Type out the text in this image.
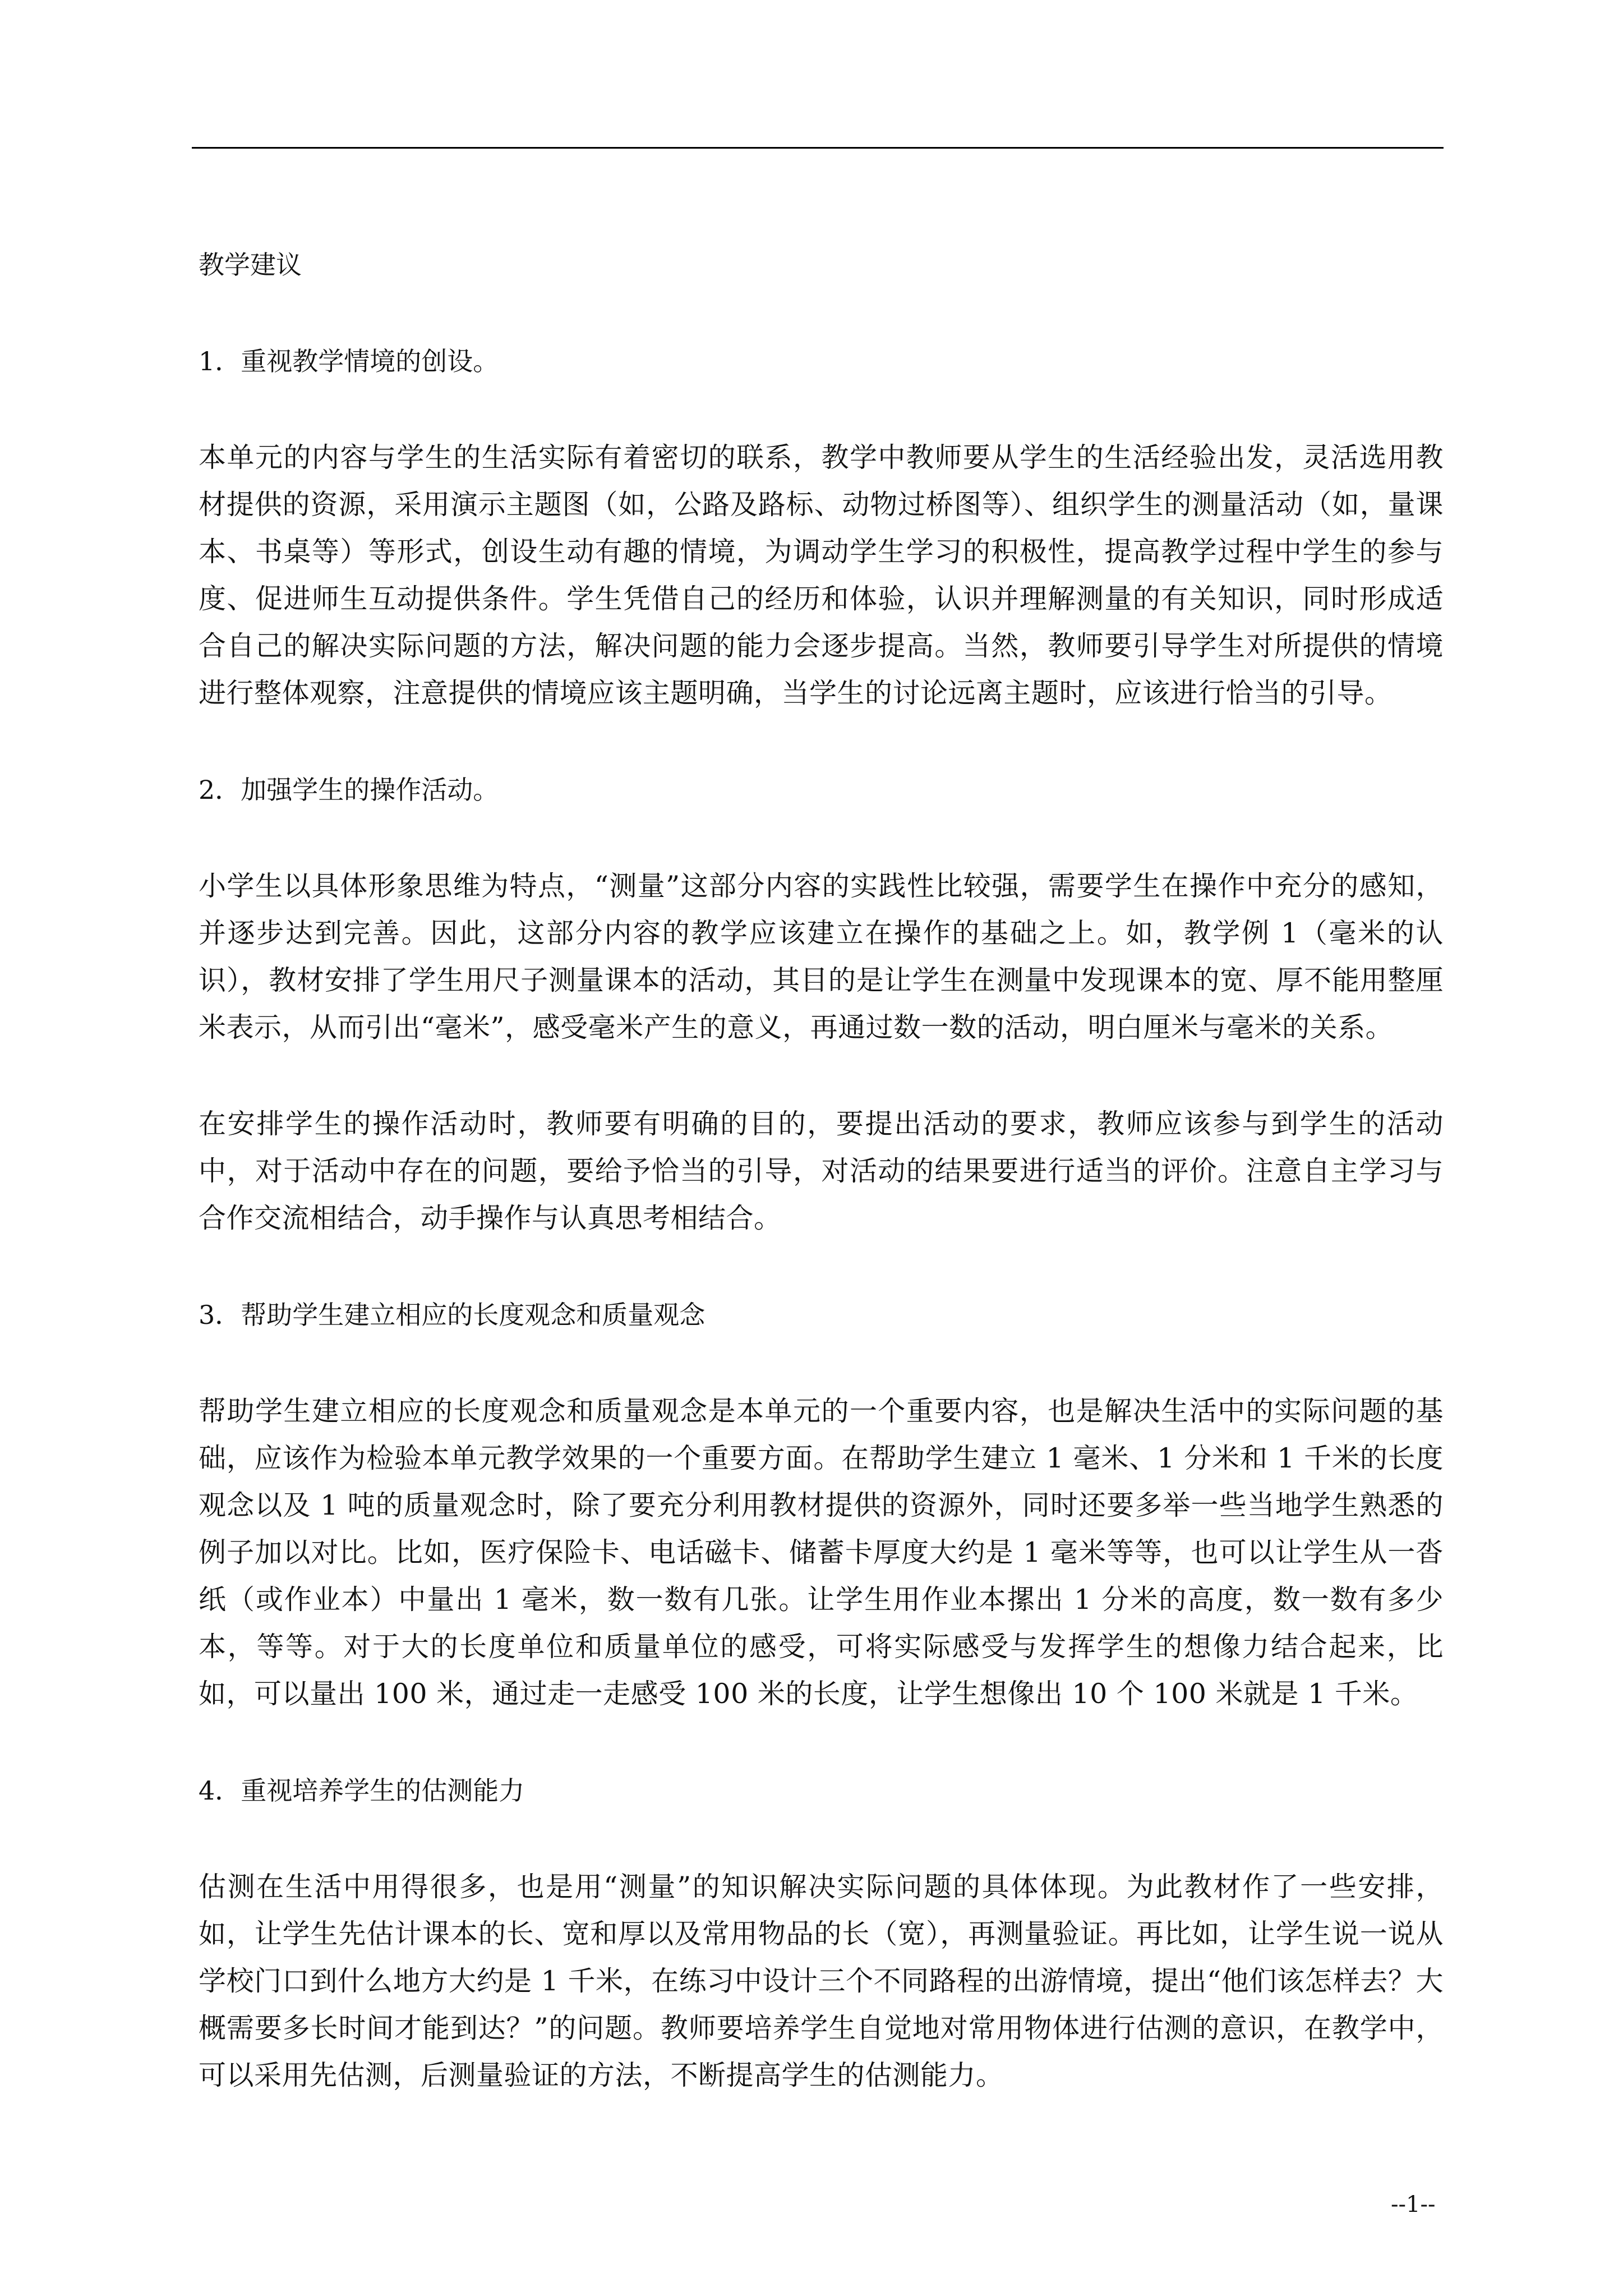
教学建议
1．重视教学情境的创设。

本单元的内容与学生的生活实际有着密切的联系，教学中教师要从学生的生活经验出发，灵活选用教材提供的资源，采用演示主题图（如，公路及路标、动物过桥图等）、组织学生的测量活动（如，量课本、书桌等）等形式，创设生动有趣的情境，为调动学生学习的积极性，提高教学过程中学生的参与度、促进师生互动提供条件。学生凭借自己的经历和体验，认识并理解测量的有关知识，同时形成适合自己的解决实际问题的方法，解决问题的能力会逐步提高。当然，教师要引导学生对所提供的情境进行整体观察，注意提供的情境应该主题明确，当学生的讨论远离主题时，应该进行恰当的引导。

2．加强学生的操作活动。

小学生以具体形象思维为特点，“测量”这部分内容的实践性比较强，需要学生在操作中充分的感知，并逐步达到完善。因此，这部分内容的教学应该建立在操作的基础之上。如，教学例 1（毫米的认识），教材安排了学生用尺子测量课本的活动，其目的是让学生在测量中发现课本的宽、厚不能用整厘米表示，从而引出“毫米”，感受毫米产生的意义，再通过数一数的活动，明白厘米与毫米的关系。

在安排学生的操作活动时，教师要有明确的目的，要提出活动的要求，教师应该参与到学生的活动中，对于活动中存在的问题，要给予恰当的引导，对活动的结果要进行适当的评价。注意自主学习与合作交流相结合，动手操作与认真思考相结合。

3．帮助学生建立相应的长度观念和质量观念

帮助学生建立相应的长度观念和质量观念是本单元的一个重要内容，也是解决生活中的实际问题的基础，应该作为检验本单元教学效果的一个重要方面。在帮助学生建立 1 毫米、1 分米和 1 千米的长度观念以及 1 吨的质量观念时，除了要充分利用教材提供的资源外，同时还要多举一些当地学生熟悉的例子加以对比。比如，医疗保险卡、电话磁卡、储蓄卡厚度大约是 1 毫米等等，也可以让学生从一沓纸（或作业本）中量出 1 毫米，数一数有几张。让学生用作业本摞出 1 分米的高度，数一数有多少本，等等。对于大的长度单位和质量单位的感受，可将实际感受与发挥学生的想像力结合起来，比如，可以量出 100 米，通过走一走感受 100 米的长度，让学生想像出 10 个 100 米就是 1 千米。

4．重视培养学生的估测能力

估测在生活中用得很多，也是用“测量”的知识解决实际问题的具体体现。为此教材作了一些安排，如，让学生先估计课本的长、宽和厚以及常用物品的长（宽），再测量验证。再比如，让学生说一说从学校门口到什么地方大约是 1 千米，在练习中设计三个不同路程的出游情境，提出“他们该怎样去？大概需要多长时间才能到达？”的问题。教师要培养学生自觉地对常用物体进行估测的意识，在教学中，可以采用先估测，后测量验证的方法，不断提高学生的估测能力。

--1--
